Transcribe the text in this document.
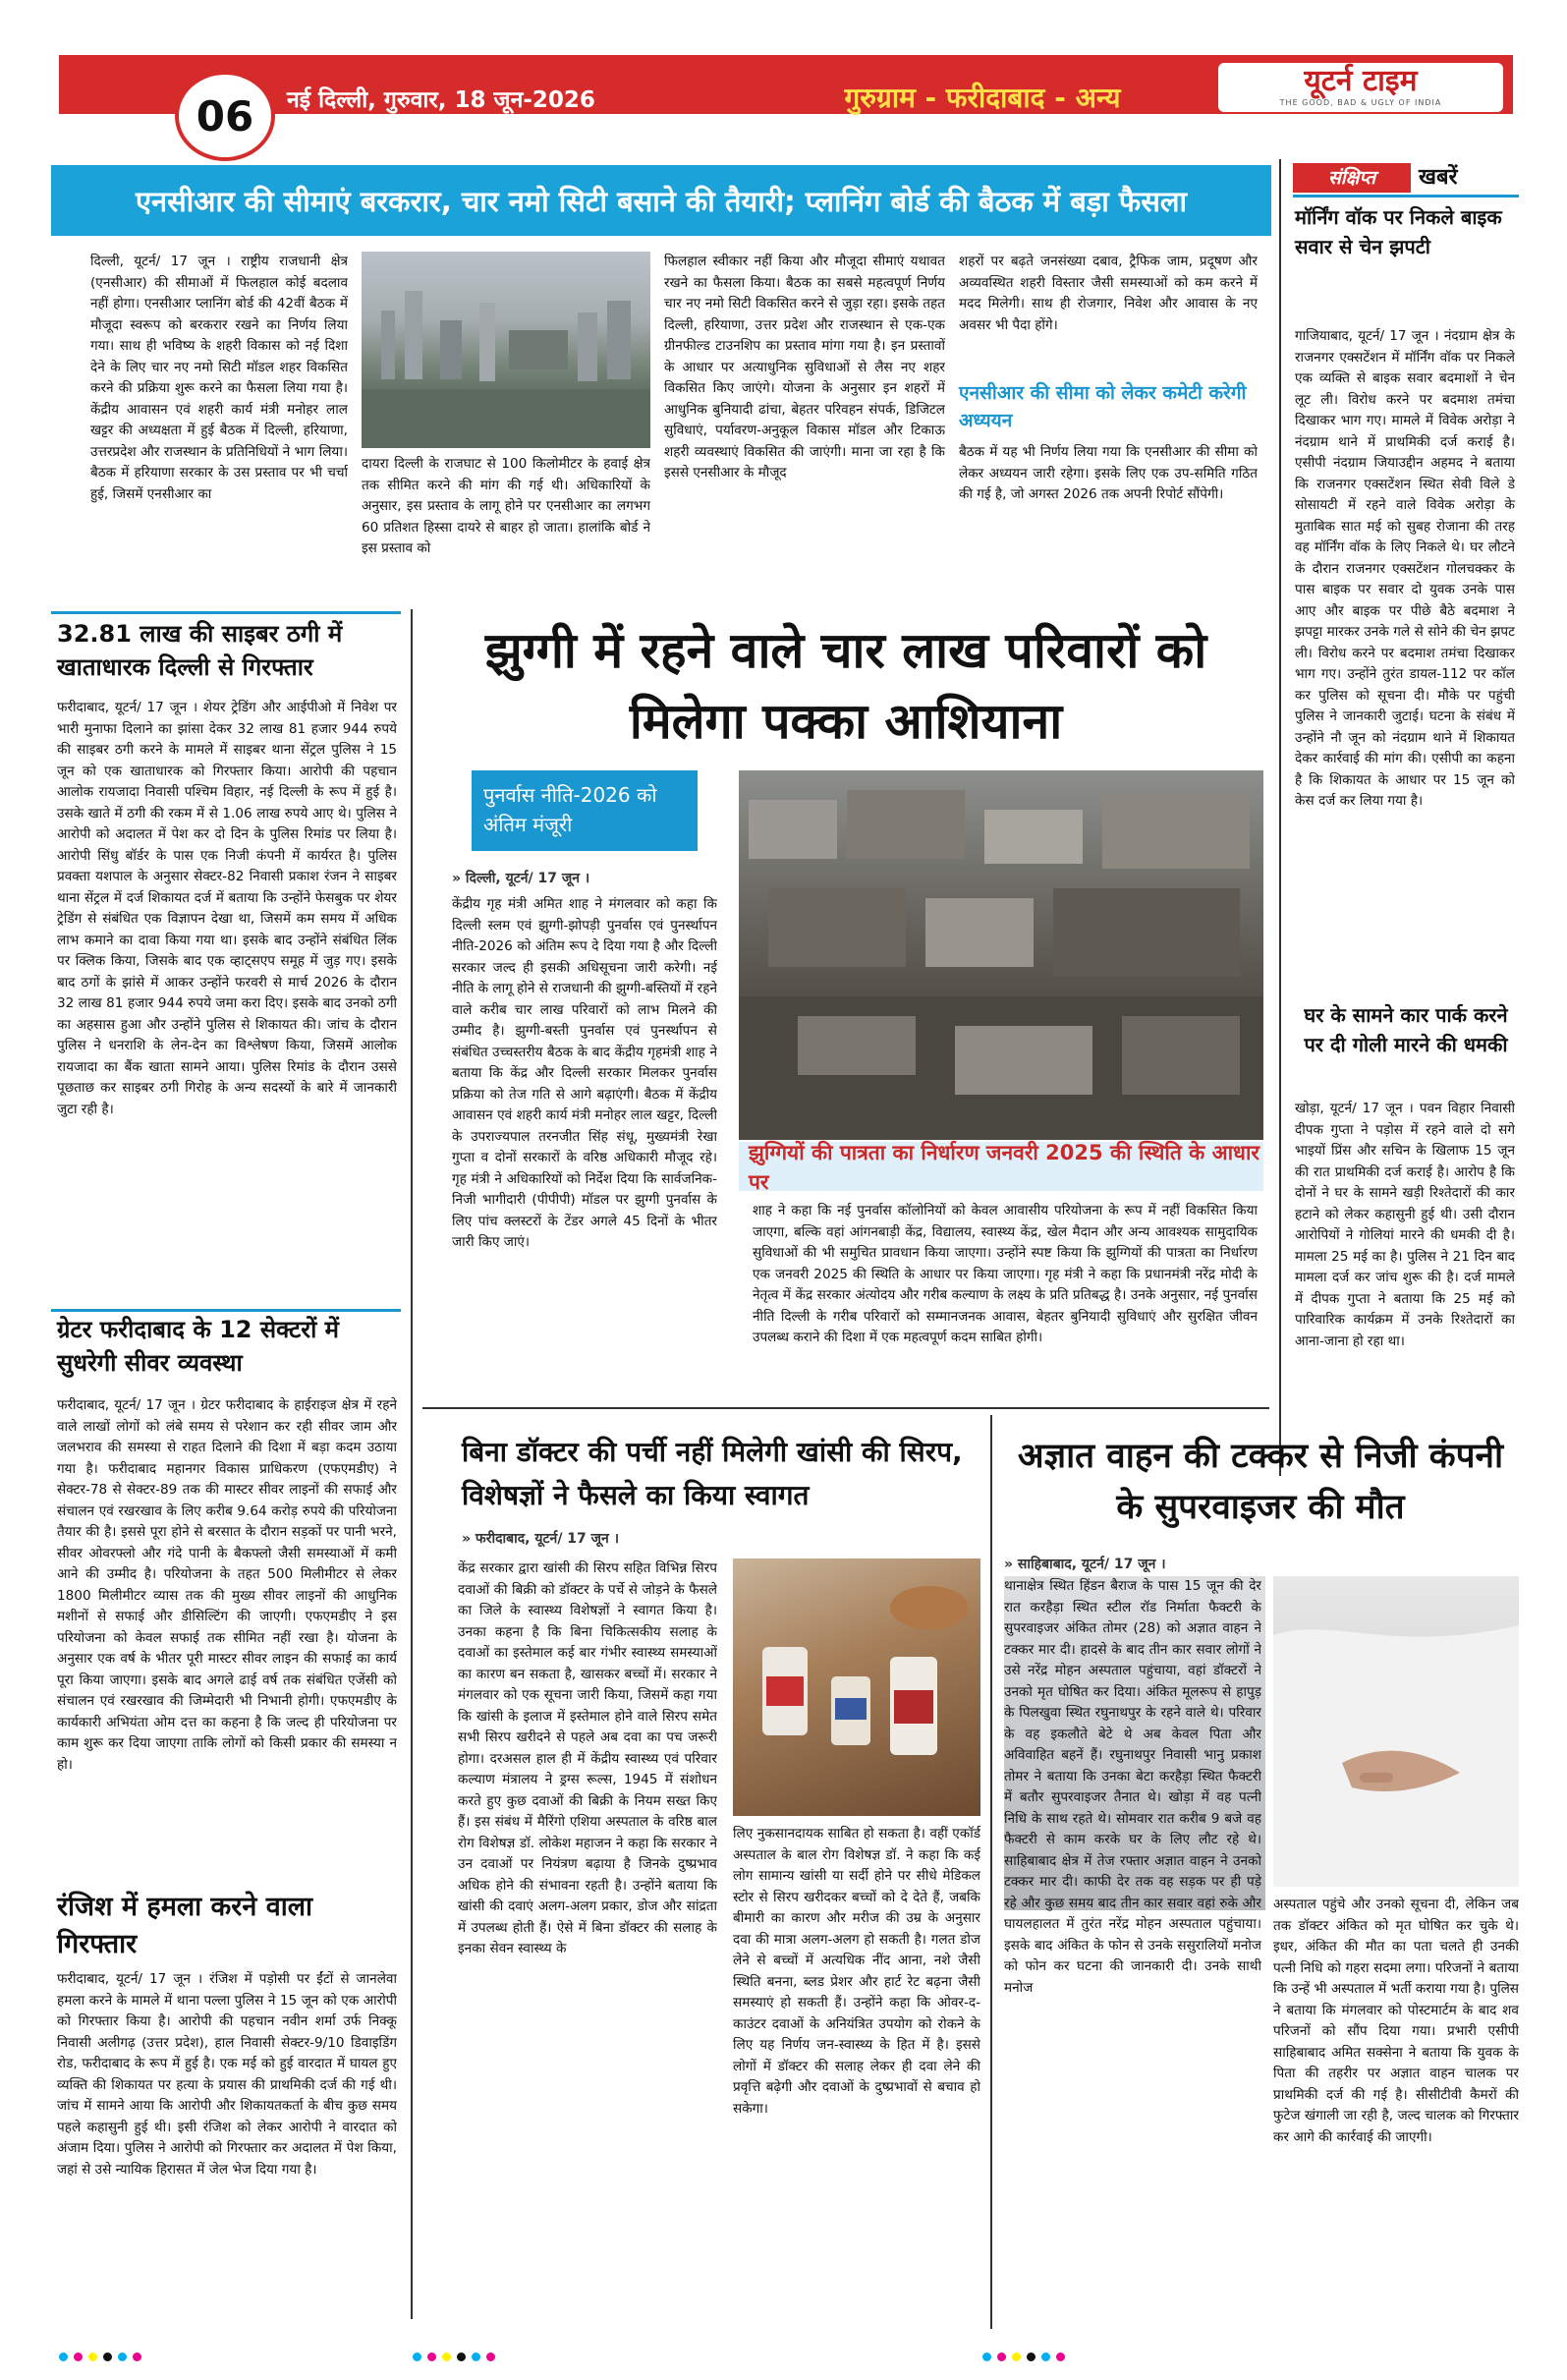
06	नई दिल्ली, गुरुवार, 18 जून-2026	गुरुग्राम - फरीदाबाद - अन्य	यूटर्न टाइम
THE GOOD, BAD & UGLY OF INDIA
एनसीआर की सीमाएं बरकरार, चार नमो सिटी बसाने की तैयारी; प्लानिंग बोर्ड की बैठक में बड़ा फैसला
दिल्ली, यूटर्न/ 17 जून । राष्ट्रीय राजधानी क्षेत्र (एनसीआर) की सीमाओं में फिलहाल कोई बदलाव नहीं होगा। एनसीआर प्लानिंग बोर्ड की 42वीं बैठक में मौजूदा स्वरूप को बरकरार रखने का निर्णय लिया गया। साथ ही भविष्य के शहरी विकास को नई दिशा देने के लिए चार नए नमो सिटी मॉडल शहर विकसित करने की प्रक्रिया शुरू करने का फैसला लिया गया है। केंद्रीय आवासन एवं शहरी कार्य मंत्री मनोहर लाल खट्टर की अध्यक्षता में हुई बैठक में दिल्ली, हरियाणा, उत्तरप्रदेश और राजस्थान के प्रतिनिधियों ने भाग लिया। बैठक में हरियाणा सरकार के उस प्रस्ताव पर भी चर्चा हुई, जिसमें एनसीआर का
दायरा दिल्ली के राजघाट से 100 किलोमीटर के हवाई क्षेत्र तक सीमित करने की मांग की गई थी। अधिकारियों के अनुसार, इस प्रस्ताव के लागू होने पर एनसीआर का लगभग 60 प्रतिशत हिस्सा दायरे से बाहर हो जाता। हालांकि बोर्ड ने इस प्रस्ताव को
फिलहाल स्वीकार नहीं किया और मौजूदा सीमाएं यथावत रखने का फैसला किया। बैठक का सबसे महत्वपूर्ण निर्णय चार नए नमो सिटी विकसित करने से जुड़ा रहा। इसके तहत दिल्ली, हरियाणा, उत्तर प्रदेश और राजस्थान से एक-एक ग्रीनफील्ड टाउनशिप का प्रस्ताव मांगा गया है। इन प्रस्तावों के आधार पर अत्याधुनिक सुविधाओं से लैस नए शहर विकसित किए जाएंगे। योजना के अनुसार इन शहरों में आधुनिक बुनियादी ढांचा, बेहतर परिवहन संपर्क, डिजिटल सुविधाएं, पर्यावरण-अनुकूल विकास मॉडल और टिकाऊ शहरी व्यवस्थाएं विकसित की जाएंगी। माना जा रहा है कि इससे एनसीआर के मौजूद
शहरों पर बढ़ते जनसंख्या दबाव, ट्रैफिक जाम, प्रदूषण और अव्यवस्थित शहरी विस्तार जैसी समस्याओं को कम करने में मदद मिलेगी। साथ ही रोजगार, निवेश और आवास के नए अवसर भी पैदा होंगे।
एनसीआर की सीमा को लेकर कमेटी करेगी अध्ययन
बैठक में यह भी निर्णय लिया गया कि एनसीआर की सीमा को लेकर अध्ययन जारी रहेगा। इसके लिए एक उप-समिति गठित की गई है, जो अगस्त 2026 तक अपनी रिपोर्ट सौंपेगी।
संक्षिप्त	खबरें
मॉर्निंग वॉक पर निकले बाइक सवार से चेन झपटी
गाजियाबाद, यूटर्न/ 17 जून । नंदग्राम क्षेत्र के राजनगर एक्सटेंशन में मॉर्निंग वॉक पर निकले एक व्यक्ति से बाइक सवार बदमाशों ने चेन लूट ली। विरोध करने पर बदमाश तमंचा दिखाकर भाग गए। मामले में विवेक अरोड़ा ने नंदग्राम थाने में प्राथमिकी दर्ज कराई है। एसीपी नंदग्राम जियाउद्दीन अहमद ने बताया कि राजनगर एक्सटेंशन स्थित सेवी विले डे सोसायटी में रहने वाले विवेक अरोड़ा के मुताबिक सात मई को सुबह रोजाना की तरह वह मॉर्निंग वॉक के लिए निकले थे। घर लौटने के दौरान राजनगर एक्सटेंशन गोलचक्कर के पास बाइक पर सवार दो युवक उनके पास आए और बाइक पर पीछे बैठे बदमाश ने झपट्टा मारकर उनके गले से सोने की चेन झपट ली। विरोध करने पर बदमाश तमंचा दिखाकर भाग गए। उन्होंने तुरंत डायल-112 पर कॉल कर पुलिस को सूचना दी। मौके पर पहुंची पुलिस ने जानकारी जुटाई। घटना के संबंध में उन्होंने नौ जून को नंदग्राम थाने में शिकायत देकर कार्रवाई की मांग की। एसीपी का कहना है कि शिकायत के आधार पर 15 जून को केस दर्ज कर लिया गया है।
घर के सामने कार पार्क करने पर दी गोली मारने की धमकी
खोड़ा, यूटर्न/ 17 जून । पवन विहार निवासी दीपक गुप्ता ने पड़ोस में रहने वाले दो सगे भाइयों प्रिंस और सचिन के खिलाफ 15 जून की रात प्राथमिकी दर्ज कराई है। आरोप है कि दोनों ने घर के सामने खड़ी रिश्तेदारों की कार हटाने को लेकर कहासुनी हुई थी। उसी दौरान आरोपियों ने गोलियां मारने की धमकी दी है। मामला 25 मई का है। पुलिस ने 21 दिन बाद मामला दर्ज कर जांच शुरू की है। दर्ज मामले में दीपक गुप्ता ने बताया कि 25 मई को पारिवारिक कार्यक्रम में उनके रिश्तेदारों का आना-जाना हो रहा था।
32.81 लाख की साइबर ठगी में खाताधारक दिल्ली से गिरफ्तार
फरीदाबाद, यूटर्न/ 17 जून । शेयर ट्रेडिंग और आईपीओ में निवेश पर भारी मुनाफा दिलाने का झांसा देकर 32 लाख 81 हजार 944 रुपये की साइबर ठगी करने के मामले में साइबर थाना सेंट्रल पुलिस ने 15 जून को एक खाताधारक को गिरफ्तार किया। आरोपी की पहचान आलोक रायजादा निवासी पश्चिम विहार, नई दिल्ली के रूप में हुई है। उसके खाते में ठगी की रकम में से 1.06 लाख रुपये आए थे। पुलिस ने आरोपी को अदालत में पेश कर दो दिन के पुलिस रिमांड पर लिया है। आरोपी सिंधु बॉर्डर के पास एक निजी कंपनी में कार्यरत है। पुलिस प्रवक्ता यशपाल के अनुसार सेक्टर-82 निवासी प्रकाश रंजन ने साइबर थाना सेंट्रल में दर्ज शिकायत दर्ज में बताया कि उन्होंने फेसबुक पर शेयर ट्रेडिंग से संबंधित एक विज्ञापन देखा था, जिसमें कम समय में अधिक लाभ कमाने का दावा किया गया था। इसके बाद उन्होंने संबंधित लिंक पर क्लिक किया, जिसके बाद एक व्हाट्सएप समूह में जुड़ गए। इसके बाद ठगों के झांसे में आकर उन्होंने फरवरी से मार्च 2026 के दौरान 32 लाख 81 हजार 944 रुपये जमा करा दिए। इसके बाद उनको ठगी का अहसास हुआ और उन्होंने पुलिस से शिकायत की। जांच के दौरान पुलिस ने धनराशि के लेन-देन का विश्लेषण किया, जिसमें आलोक रायजादा का बैंक खाता सामने आया। पुलिस रिमांड के दौरान उससे पूछताछ कर साइबर ठगी गिरोह के अन्य सदस्यों के बारे में जानकारी जुटा रही है।
ग्रेटर फरीदाबाद के 12 सेक्टरों में सुधरेगी सीवर व्यवस्था
फरीदाबाद, यूटर्न/ 17 जून । ग्रेटर फरीदाबाद के हाईराइज क्षेत्र में रहने वाले लाखों लोगों को लंबे समय से परेशान कर रही सीवर जाम और जलभराव की समस्या से राहत दिलाने की दिशा में बड़ा कदम उठाया गया है। फरीदाबाद महानगर विकास प्राधिकरण (एफएमडीए) ने सेक्टर-78 से सेक्टर-89 तक की मास्टर सीवर लाइनों की सफाई और संचालन एवं रखरखाव के लिए करीब 9.64 करोड़ रुपये की परियोजना तैयार की है। इससे पूरा होने से बरसात के दौरान सड़कों पर पानी भरने, सीवर ओवरफ्लो और गंदे पानी के बैकफ्लो जैसी समस्याओं में कमी आने की उम्मीद है। परियोजना के तहत 500 मिलीमीटर से लेकर 1800 मिलीमीटर व्यास तक की मुख्य सीवर लाइनों की आधुनिक मशीनों से सफाई और डीसिल्टिंग की जाएगी। एफएमडीए ने इस परियोजना को केवल सफाई तक सीमित नहीं रखा है। योजना के अनुसार एक वर्ष के भीतर पूरी मास्टर सीवर लाइन की सफाई का कार्य पूरा किया जाएगा। इसके बाद अगले ढाई वर्ष तक संबंधित एजेंसी को संचालन एवं रखरखाव की जिम्मेदारी भी निभानी होगी। एफएमडीए के कार्यकारी अभियंता ओम दत्त का कहना है कि जल्द ही परियोजना पर काम शुरू कर दिया जाएगा ताकि लोगों को किसी प्रकार की समस्या न हो।
रंजिश में हमला करने वाला गिरफ्तार
फरीदाबाद, यूटर्न/ 17 जून । रंजिश में पड़ोसी पर ईंटों से जानलेवा हमला करने के मामले में थाना पल्ला पुलिस ने 15 जून को एक आरोपी को गिरफ्तार किया है। आरोपी की पहचान नवीन शर्मा उर्फ निक्कू निवासी अलीगढ़ (उत्तर प्रदेश), हाल निवासी सेक्टर-9/10 डिवाइडिंग रोड, फरीदाबाद के रूप में हुई है। एक मई को हुई वारदात में घायल हुए व्यक्ति की शिकायत पर हत्या के प्रयास की प्राथमिकी दर्ज की गई थी। जांच में सामने आया कि आरोपी और शिकायतकर्ता के बीच कुछ समय पहले कहासुनी हुई थी। इसी रंजिश को लेकर आरोपी ने वारदात को अंजाम दिया। पुलिस ने आरोपी को गिरफ्तार कर अदालत में पेश किया, जहां से उसे न्यायिक हिरासत में जेल भेज दिया गया है।
झुग्गी में रहने वाले चार लाख परिवारों को मिलेगा पक्का आशियाना
पुनर्वास नीति-2026 को अंतिम मंजूरी
» दिल्ली, यूटर्न/ 17 जून ।
केंद्रीय गृह मंत्री अमित शाह ने मंगलवार को कहा कि दिल्ली स्लम एवं झुग्गी-झोपड़ी पुनर्वास एवं पुनर्स्थापन नीति-2026 को अंतिम रूप दे दिया गया है और दिल्ली सरकार जल्द ही इसकी अधिसूचना जारी करेगी। नई नीति के लागू होने से राजधानी की झुग्गी-बस्तियों में रहने वाले करीब चार लाख परिवारों को लाभ मिलने की उम्मीद है। झुग्गी-बस्ती पुनर्वास एवं पुनर्स्थापन से संबंधित उच्चस्तरीय बैठक के बाद केंद्रीय गृहमंत्री शाह ने बताया कि केंद्र और दिल्ली सरकार मिलकर पुनर्वास प्रक्रिया को तेज गति से आगे बढ़ाएंगी। बैठक में केंद्रीय आवासन एवं शहरी कार्य मंत्री मनोहर लाल खट्टर, दिल्ली के उपराज्यपाल तरनजीत सिंह संधू, मुख्यमंत्री रेखा गुप्ता व दोनों सरकारों के वरिष्ठ अधिकारी मौजूद रहे। गृह मंत्री ने अधिकारियों को निर्देश दिया कि सार्वजनिक-निजी भागीदारी (पीपीपी) मॉडल पर झुग्गी पुनर्वास के लिए पांच क्लस्टरों के टेंडर अगले 45 दिनों के भीतर जारी किए जाएं।
झुग्गियों की पात्रता का निर्धारण जनवरी 2025 की स्थिति के आधार पर
शाह ने कहा कि नई पुनर्वास कॉलोनियों को केवल आवासीय परियोजना के रूप में नहीं विकसित किया जाएगा, बल्कि वहां आंगनबाड़ी केंद्र, विद्यालय, स्वास्थ्य केंद्र, खेल मैदान और अन्य आवश्यक सामुदायिक सुविधाओं की भी समुचित प्रावधान किया जाएगा। उन्होंने स्पष्ट किया कि झुग्गियों की पात्रता का निर्धारण एक जनवरी 2025 की स्थिति के आधार पर किया जाएगा। गृह मंत्री ने कहा कि प्रधानमंत्री नरेंद्र मोदी के नेतृत्व में केंद्र सरकार अंत्योदय और गरीब कल्याण के लक्ष्य के प्रति प्रतिबद्ध है। उनके अनुसार, नई पुनर्वास नीति दिल्ली के गरीब परिवारों को सम्मानजनक आवास, बेहतर बुनियादी सुविधाएं और सुरक्षित जीवन उपलब्ध कराने की दिशा में एक महत्वपूर्ण कदम साबित होगी।
बिना डॉक्टर की पर्ची नहीं मिलेगी खांसी की सिरप, विशेषज्ञों ने फैसले का किया स्वागत
» फरीदाबाद, यूटर्न/ 17 जून ।
केंद्र सरकार द्वारा खांसी की सिरप सहित विभिन्न सिरप दवाओं की बिक्री को डॉक्टर के पर्चे से जोड़ने के फैसले का जिले के स्वास्थ्य विशेषज्ञों ने स्वागत किया है। उनका कहना है कि बिना चिकित्सकीय सलाह के दवाओं का इस्तेमाल कई बार गंभीर स्वास्थ्य समस्याओं का कारण बन सकता है, खासकर बच्चों में। सरकार ने मंगलवार को एक सूचना जारी किया, जिसमें कहा गया कि खांसी के इलाज में इस्तेमाल होने वाले सिरप समेत सभी सिरप खरीदने से पहले अब दवा का पच जरूरी होगा। दरअसल हाल ही में केंद्रीय स्वास्थ्य एवं परिवार कल्याण मंत्रालय ने ड्रग्स रूल्स, 1945 में संशोधन करते हुए कुछ दवाओं की बिक्री के नियम सख्त किए हैं। इस संबंध में मैरिंगो एशिया अस्पताल के वरिष्ठ बाल रोग विशेषज्ञ डॉ. लोकेश महाजन ने कहा कि सरकार ने उन दवाओं पर नियंत्रण बढ़ाया है जिनके दुष्प्रभाव अधिक होने की संभावना रहती है। उन्होंने बताया कि खांसी की दवाएं अलग-अलग प्रकार, डोज और सांद्रता में उपलब्ध होती हैं। ऐसे में बिना डॉक्टर की सलाह के इनका सेवन स्वास्थ्य के
लिए नुकसानदायक साबित हो सकता है। वहीं एकॉर्ड अस्पताल के बाल रोग विशेषज्ञ डॉ. ने कहा कि कई लोग सामान्य खांसी या सर्दी होने पर सीधे मेडिकल स्टोर से सिरप खरीदकर बच्चों को दे देते हैं, जबकि बीमारी का कारण और मरीज की उम्र के अनुसार दवा की मात्रा अलग-अलग हो सकती है। गलत डोज लेने से बच्चों में अत्यधिक नींद आना, नशे जैसी स्थिति बनना, ब्लड प्रेशर और हार्ट रेट बढ़ना जैसी समस्याएं हो सकती हैं। उन्होंने कहा कि ओवर-द-काउंटर दवाओं के अनियंत्रित उपयोग को रोकने के लिए यह निर्णय जन-स्वास्थ्य के हित में है। इससे लोगों में डॉक्टर की सलाह लेकर ही दवा लेने की प्रवृत्ति बढ़ेगी और दवाओं के दुष्प्रभावों से बचाव हो सकेगा।
अज्ञात वाहन की टक्कर से निजी कंपनी के सुपरवाइजर की मौत
» साहिबाबाद, यूटर्न/ 17 जून ।
थानाक्षेत्र स्थित हिंडन बैराज के पास 15 जून की देर रात करहैड़ा स्थित स्टील रॉड निर्माता फैक्टरी के सुपरवाइजर अंकित तोमर (28) को अज्ञात वाहन ने टक्कर मार दी। हादसे के बाद तीन कार सवार लोगों ने उसे नरेंद्र मोहन अस्पताल पहुंचाया, वहां डॉक्टरों ने उनको मृत घोषित कर दिया। अंकित मूलरूप से हापुड़ के पिलखुवा स्थित रघुनाथपुर के रहने वाले थे। परिवार के वह इकलौते बेटे थे अब केवल पिता और अविवाहित बहनें हैं। रघुनाथपुर निवासी भानु प्रकाश तोमर ने बताया कि उनका बेटा करहैड़ा स्थित फैक्टरी में बतौर सुपरवाइजर तैनात थे। खोड़ा में वह पत्नी निधि के साथ रहते थे। सोमवार रात करीब 9 बजे वह फैक्टरी से काम करके घर के लिए लौट रहे थे। साहिबाबाद क्षेत्र में तेज रफ्तार अज्ञात वाहन ने उनको टक्कर मार दी। काफी देर तक वह सड़क पर ही पड़े रहे और कुछ समय बाद तीन कार सवार वहां रुके और घायलहालत में तुरंत नरेंद्र मोहन अस्पताल पहुंचाया। इसके बाद अंकित के फोन से उनके ससुरालियों मनोज को फोन कर घटना की जानकारी दी। उनके साथी मनोज
अस्पताल पहुंचे और उनको सूचना दी, लेकिन जब तक डॉक्टर अंकित को मृत घोषित कर चुके थे। इधर, अंकित की मौत का पता चलते ही उनकी पत्नी निधि को गहरा सदमा लगा। परिजनों ने बताया कि उन्हें भी अस्पताल में भर्ती कराया गया है। पुलिस ने बताया कि मंगलवार को पोस्टमार्टम के बाद शव परिजनों को सौंप दिया गया। प्रभारी एसीपी साहिबाबाद अमित सक्सेना ने बताया कि युवक के पिता की तहरीर पर अज्ञात वाहन चालक पर प्राथमिकी दर्ज की गई है। सीसीटीवी कैमरों की फुटेज खंगाली जा रही है, जल्द चालक को गिरफ्तार कर आगे की कार्रवाई की जाएगी।
